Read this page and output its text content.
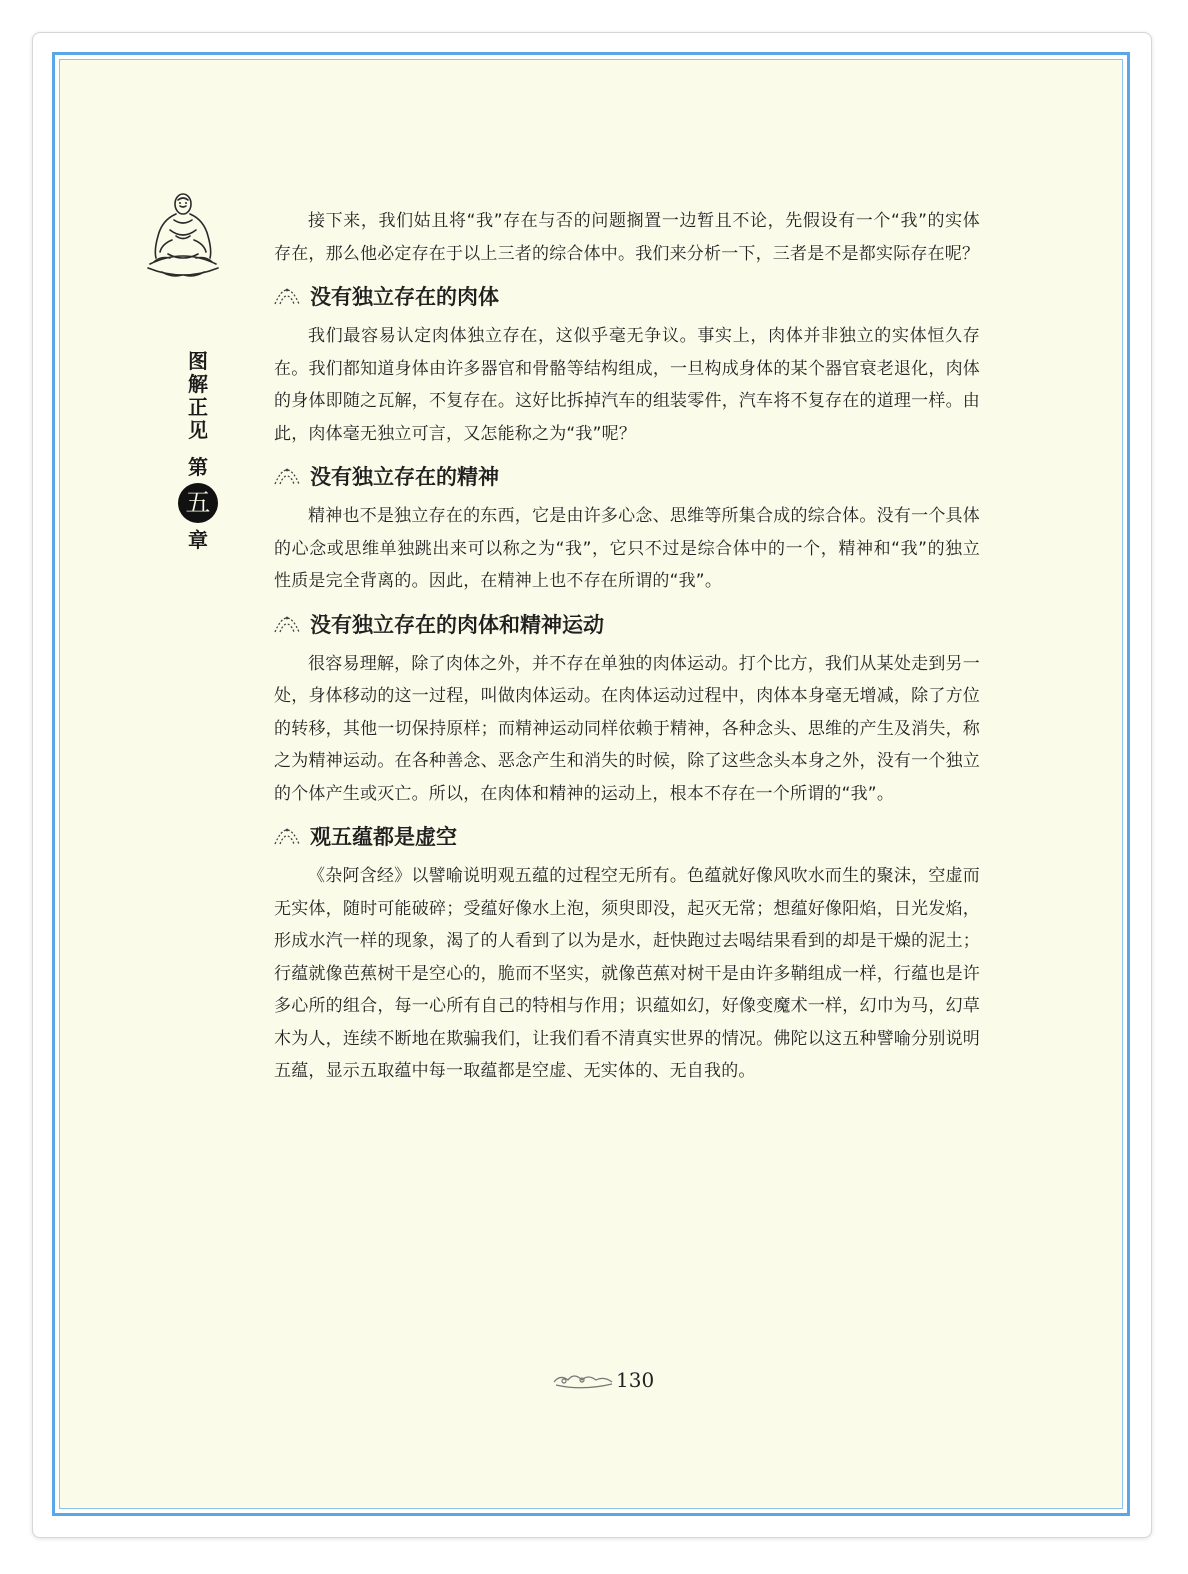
图
解
正
见
第
五
章

接下来，我们姑且将“我”存在与否的问题搁置一边暂且不论，先假设有一个“我”的实体存在，那么他必定存在于以上三者的综合体中。我们来分析一下，三者是不是都实际存在呢？

没有独立存在的肉体

我们最容易认定肉体独立存在，这似乎毫无争议。事实上，肉体并非独立的实体恒久存在。我们都知道身体由许多器官和骨骼等结构组成，一旦构成身体的某个器官衰老退化，肉体的身体即随之瓦解，不复存在。这好比拆掉汽车的组装零件，汽车将不复存在的道理一样。由此，肉体毫无独立可言，又怎能称之为“我”呢？

没有独立存在的精神

精神也不是独立存在的东西，它是由许多心念、思维等所集合成的综合体。没有一个具体的心念或思维单独跳出来可以称之为“我”，它只不过是综合体中的一个，精神和“我”的独立性质是完全背离的。因此，在精神上也不存在所谓的“我”。

没有独立存在的肉体和精神运动

很容易理解，除了肉体之外，并不存在单独的肉体运动。打个比方，我们从某处走到另一处，身体移动的这一过程，叫做肉体运动。在肉体运动过程中，肉体本身毫无增减，除了方位的转移，其他一切保持原样；而精神运动同样依赖于精神，各种念头、思维的产生及消失，称之为精神运动。在各种善念、恶念产生和消失的时候，除了这些念头本身之外，没有一个独立的个体产生或灭亡。所以，在肉体和精神的运动上，根本不存在一个所谓的“我”。

观五蕴都是虚空

《杂阿含经》以譬喻说明观五蕴的过程空无所有。色蕴就好像风吹水而生的聚沫，空虚而无实体，随时可能破碎；受蕴好像水上泡，须臾即没，起灭无常；想蕴好像阳焰，日光发焰，形成水汽一样的现象，渴了的人看到了以为是水，赶快跑过去喝结果看到的却是干燥的泥土；行蕴就像芭蕉树干是空心的，脆而不坚实，就像芭蕉对树干是由许多鞘组成一样，行蕴也是许多心所的组合，每一心所有自己的特相与作用；识蕴如幻，好像变魔术一样，幻巾为马，幻草木为人，连续不断地在欺骗我们，让我们看不清真实世界的情况。佛陀以这五种譬喻分别说明五蕴，显示五取蕴中每一取蕴都是空虚、无实体的、无自我的。

130
